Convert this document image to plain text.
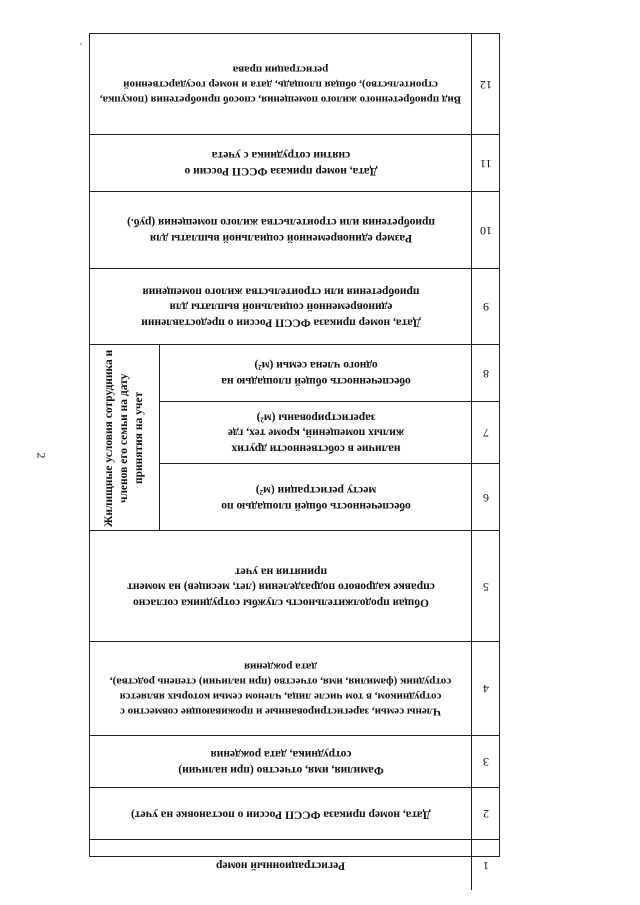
2
'
Вид приобретенного жилого помещения, способ приобретения (покупка, строительство), общая площадь, дата и номер государственной регистрации права
12
Дата, номер приказа ФССП России о снятии сотрудника с учета
11
Размер единовременной социальной выплаты для приобретения или строительства жилого помещения (руб.)
10
Дата, номер приказа ФССП России о предоставлении единовременной социальной выплаты для приобретения или строительства жилого помещения
9
Жилищные условия сотрудника и членов его семьи на дату принятия на учет
обеспеченность общей площадью на одного члена семьи (м²)
наличие в собственности других жилых помещений, кроме тех, где зарегистрированы (м²)
обеспеченность общей площадью по месту регистрации (м²)
8
7
6
Общая продолжительность службы сотрудника согласно справке кадрового подразделения (лет, месяцев) на момент принятия на учет
5
Члены семьи, зарегистрированные и проживающие совместно с сотрудником, в том числе лица, членом семьи которых является сотрудник (фамилия, имя, отчество (при наличии) степень родства), дата рождения
4
Фамилия, имя, отчество (при наличии) сотрудника, дата рождения
3
Дата, номер приказа ФССП России о постановке на учет)	2
Регистрационный номер	1
